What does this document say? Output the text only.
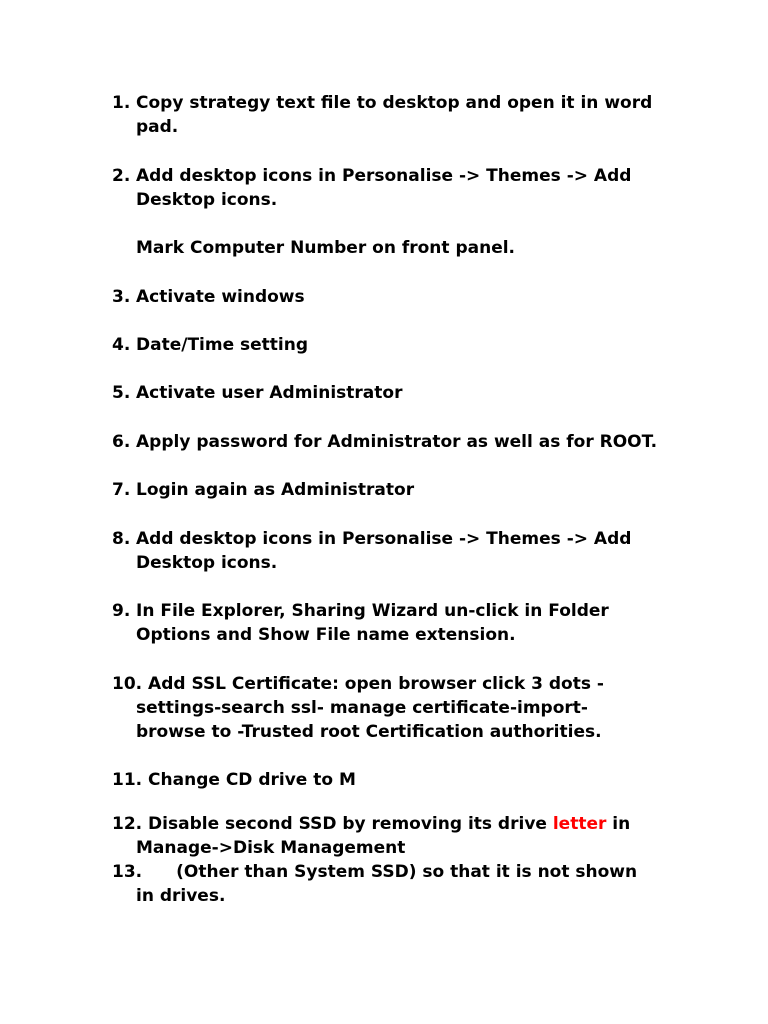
1. Copy strategy text file to desktop and open it in word
pad.
2. Add desktop icons in Personalise -> Themes -> Add
Desktop icons.
Mark Computer Number on front panel.
3. Activate windows
4. Date/Time setting
5. Activate user Administrator
6. Apply password for Administrator as well as for ROOT.
7. Login again as Administrator
8. Add desktop icons in Personalise -> Themes -> Add
Desktop icons.
9. In File Explorer, Sharing Wizard un-click in Folder
Options and Show File name extension.
10. Add SSL Certificate: open browser click 3 dots -
settings-search ssl- manage certificate-import-
browse to -Trusted root Certification authorities.
11. Change CD drive to M
12. Disable second SSD by removing its drive letter in
Manage->Disk Management
13. (Other than System SSD) so that it is not shown
in drives.
